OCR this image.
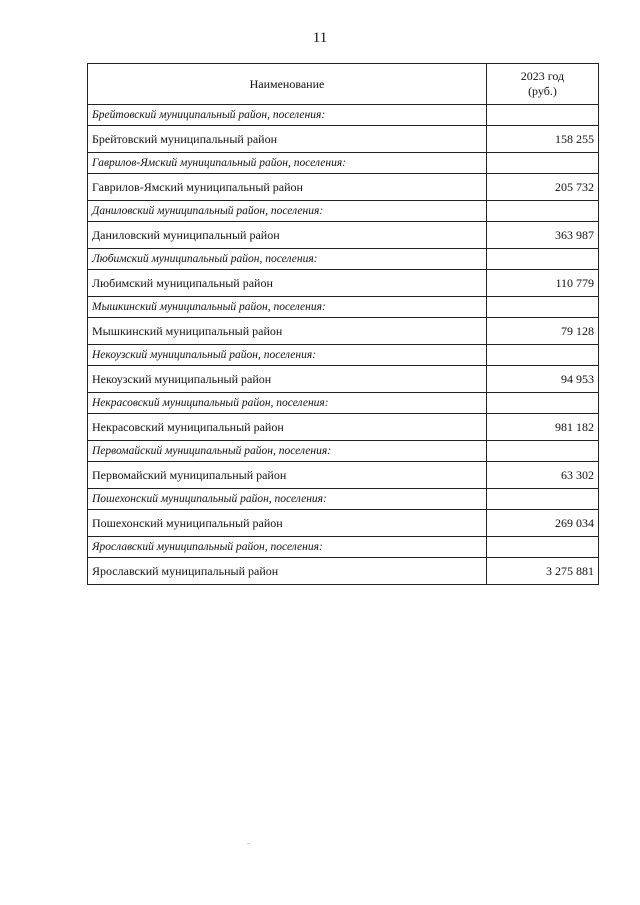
11
Наименование	2023 год
(руб.)
Брейтовский муниципальный район, поселения:	
Брейтовский муниципальный район	158 255
Гаврилов-Ямский муниципальный район, поселения:	
Гаврилов-Ямский муниципальный район	205 732
Даниловский муниципальный район, поселения:	
Даниловский муниципальный район	363 987
Любимский муниципальный район, поселения:	
Любимский муниципальный район	110 779
Мышкинский муниципальный район, поселения:	
Мышкинский муниципальный район	79 128
Некоузский муниципальный район, поселения:	
Некоузский муниципальный район	94 953
Некрасовский муниципальный район, поселения:	
Некрасовский муниципальный район	981 182
Первомайский муниципальный район, поселения:	
Первомайский муниципальный район	63 302
Пошехонский муниципальный район, поселения:	
Пошехонский муниципальный район	269 034
Ярославский муниципальный район, поселения:	
Ярославский муниципальный район	3 275 881
